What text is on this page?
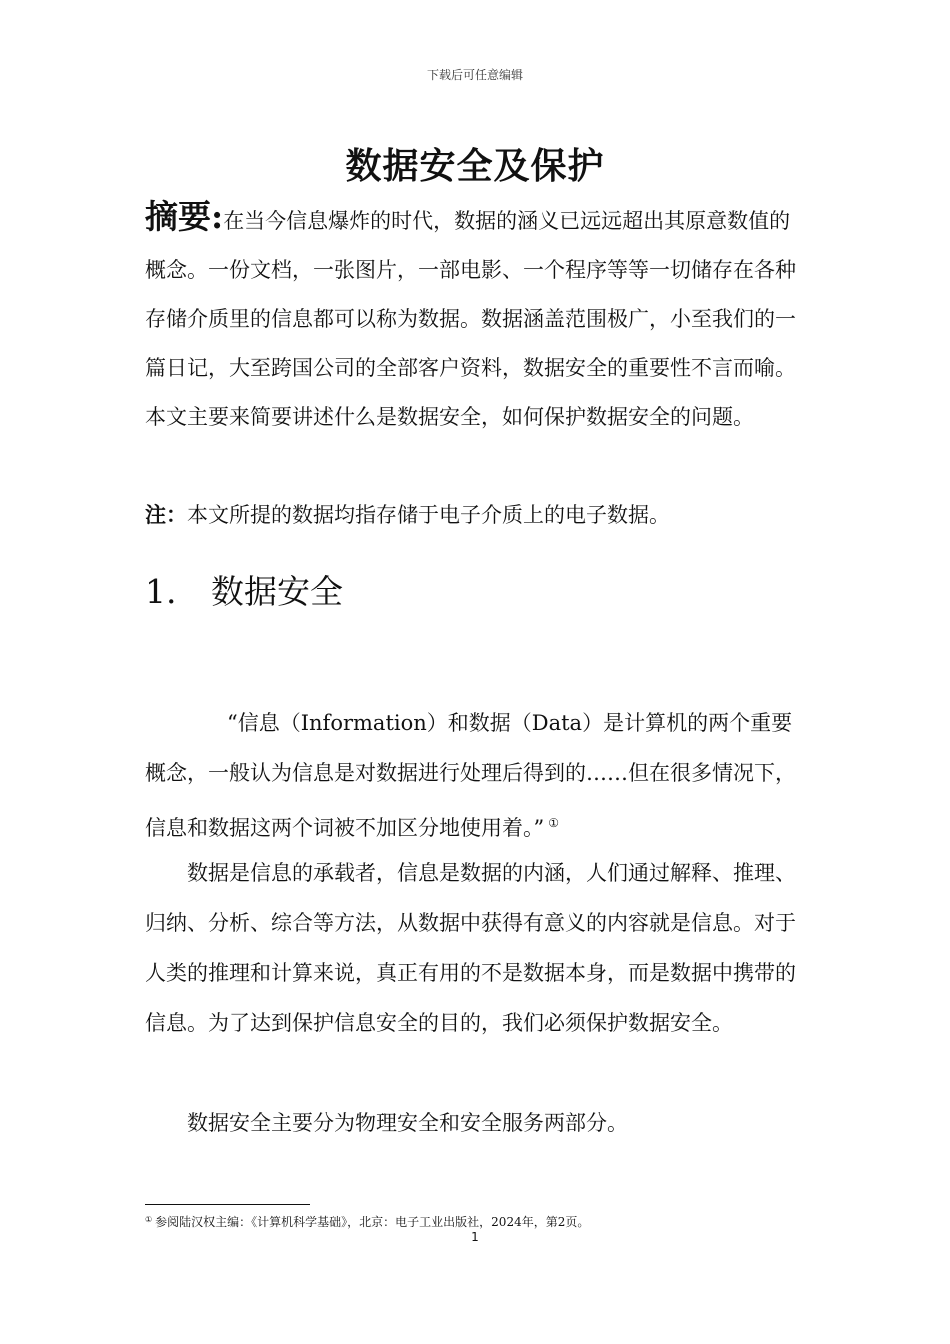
下载后可任意编辑
数据安全及保护
摘要:在当今信息爆炸的时代，数据的涵义已远远超出其原意数值的概念。一份文档，一张图片，一部电影、一个程序等等一切储存在各种存储介质里的信息都可以称为数据。数据涵盖范围极广，小至我们的一篇日记，大至跨国公司的全部客户资料，数据安全的重要性不言而喻。本文主要来简要讲述什么是数据安全，如何保护数据安全的问题。
注：本文所提的数据均指存储于电子介质上的电子数据。
1. 数据安全
“信息（Information）和数据（Data）是计算机的两个重要概念，一般认为信息是对数据进行处理后得到的……但在很多情况下，信息和数据这两个词被不加区分地使用着。” ①
数据是信息的承载者，信息是数据的内涵，人们通过解释、推理、归纳、分析、综合等方法，从数据中获得有意义的内容就是信息。对于人类的推理和计算来说，真正有用的不是数据本身，而是数据中携带的信息。为了达到保护信息安全的目的，我们必须保护数据安全。
数据安全主要分为物理安全和安全服务两部分。
① 参阅陆汉权主编：《计算机科学基础》，北京：电子工业出版社，2024年，第2页。
1
